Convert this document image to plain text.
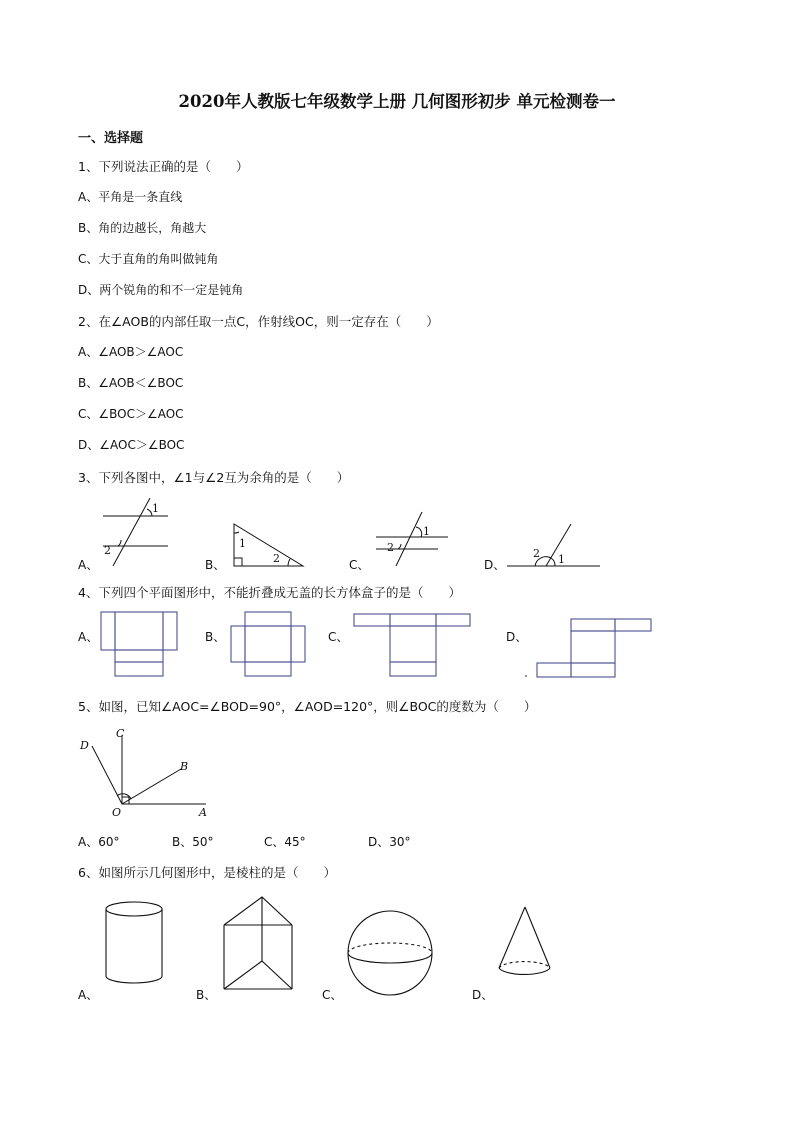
2020年人教版七年级数学上册 几何图形初步 单元检测卷一
一、选择题
1、下列说法正确的是（　　）
A、平角是一条直线
B、角的边越长，角越大
C、大于直角的角叫做钝角
D、两个锐角的和不一定是钝角
2、在∠AOB的内部任取一点C，作射线OC，则一定存在（　　）
A、∠AOB＞∠AOC
B、∠AOB＜∠BOC
C、∠BOC＞∠AOC
D、∠AOC＞∠BOC
3、下列各图中，∠1与∠2互为余角的是（　　）
A、	B、	C、	D、
1
2
1
2
1
2	2 1
4、下列四个平面图形中，不能折叠成无盖的长方体盒子的是（　　）
A、	B、	C、	D、
5、如图，已知∠AOC=∠BOD=90°，∠AOD=120°，则∠BOC的度数为（　　）
D
C
B
O	A
A、60°	B、50°	C、45°	D、30°
6、如图所示几何图形中，是棱柱的是（　　）
A、	B、	C、	D、
